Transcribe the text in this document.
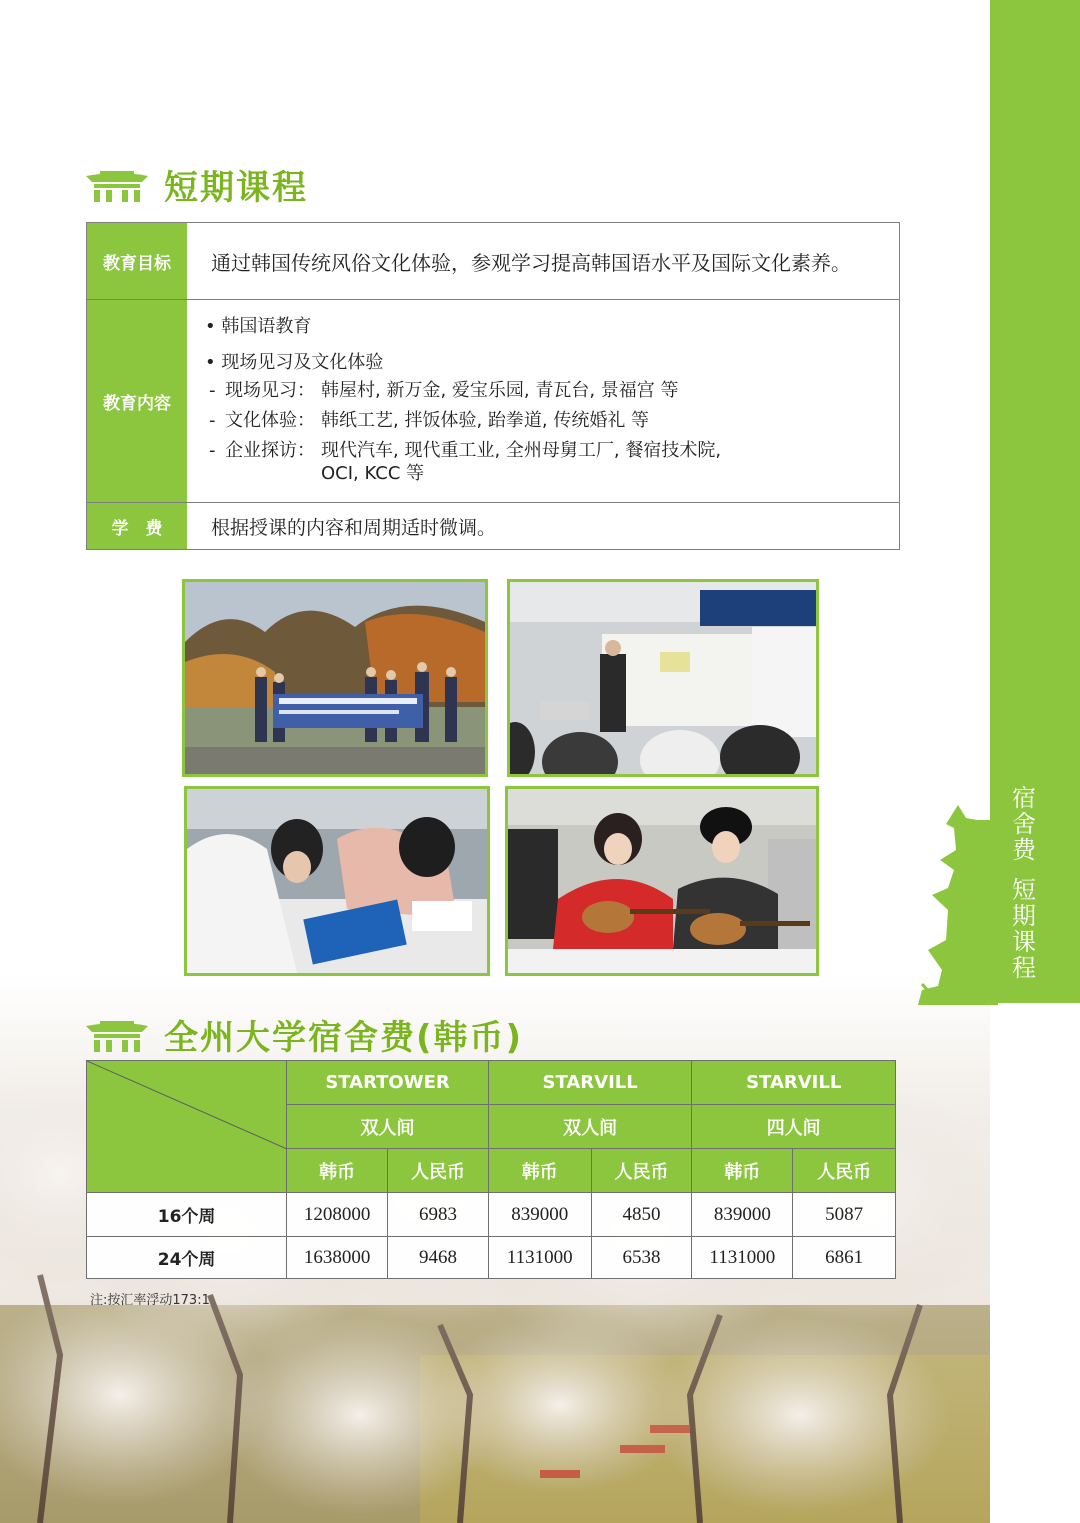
宿
舍
费
短
期
课
程
短期课程
教育目标	通过韩国传统风俗文化体验，参观学习提高韩国语水平及国际文化素养。
教育内容
• 韩国语教育
• 现场见习及文化体验
- 现场见习： 韩屋村, 新万金, 爱宝乐园, 青瓦台, 景福宫 等
- 文化体验： 韩纸工艺, 拌饭体验, 跆拳道, 传统婚礼 等
- 企业探访： 现代汽车, 现代重工业, 全州母舅工厂, 餐宿技术院,
OCI, KCC 等
学　费	根据授课的内容和周期适时微调。
全州大学宿舍费(韩币)
	STARTOWER		STARVILL		STARVILL	
	双人间		双人间		四人间	
	韩币	人民币	韩币	人民币	韩币	人民币
16个周	1208000	6983	839000	4850	839000	5087
24个周	1638000	9468	1131000	6538	1131000	6861
注:按汇率浮动173:1
